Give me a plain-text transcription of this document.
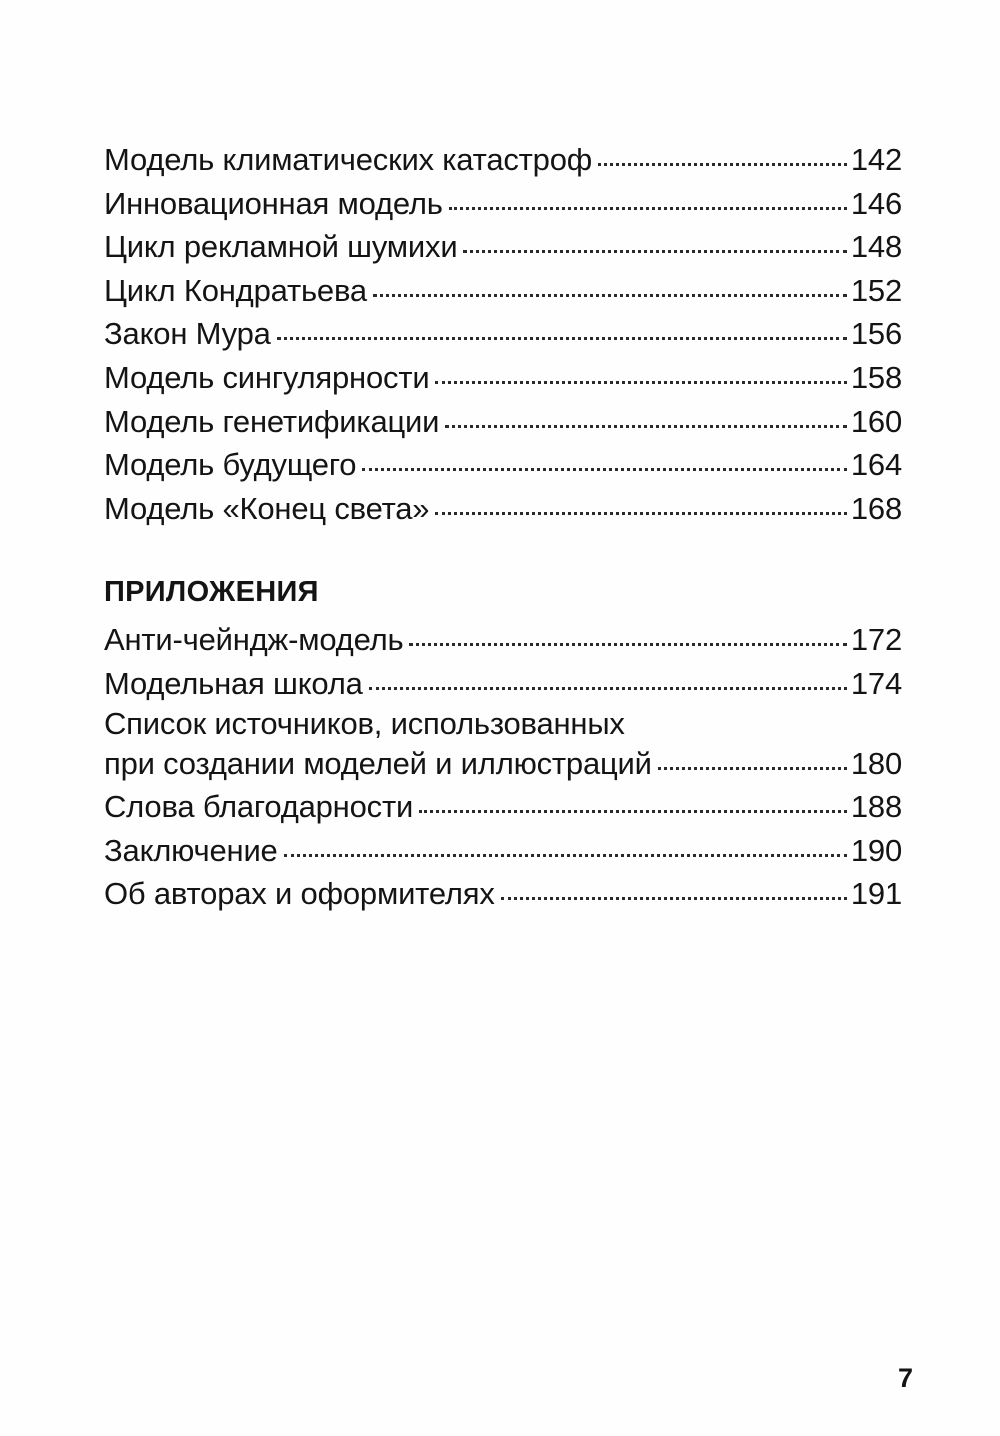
Модель климатических катастроф	142
Инновационная модель	146
Цикл рекламной шумихи	148
Цикл Кондратьева	152
Закон Мура	156
Модель сингулярности	158
Модель генетификации	160
Модель будущего	164
Модель «Конец света»	168
ПРИЛОЖЕНИЯ
Анти-чейндж-модель	172
Модельная школа	174
Список источников, использованных
при создании моделей и иллюстраций	180
Слова благодарности	188
Заключение	190
Об авторах и оформителях	191
7
